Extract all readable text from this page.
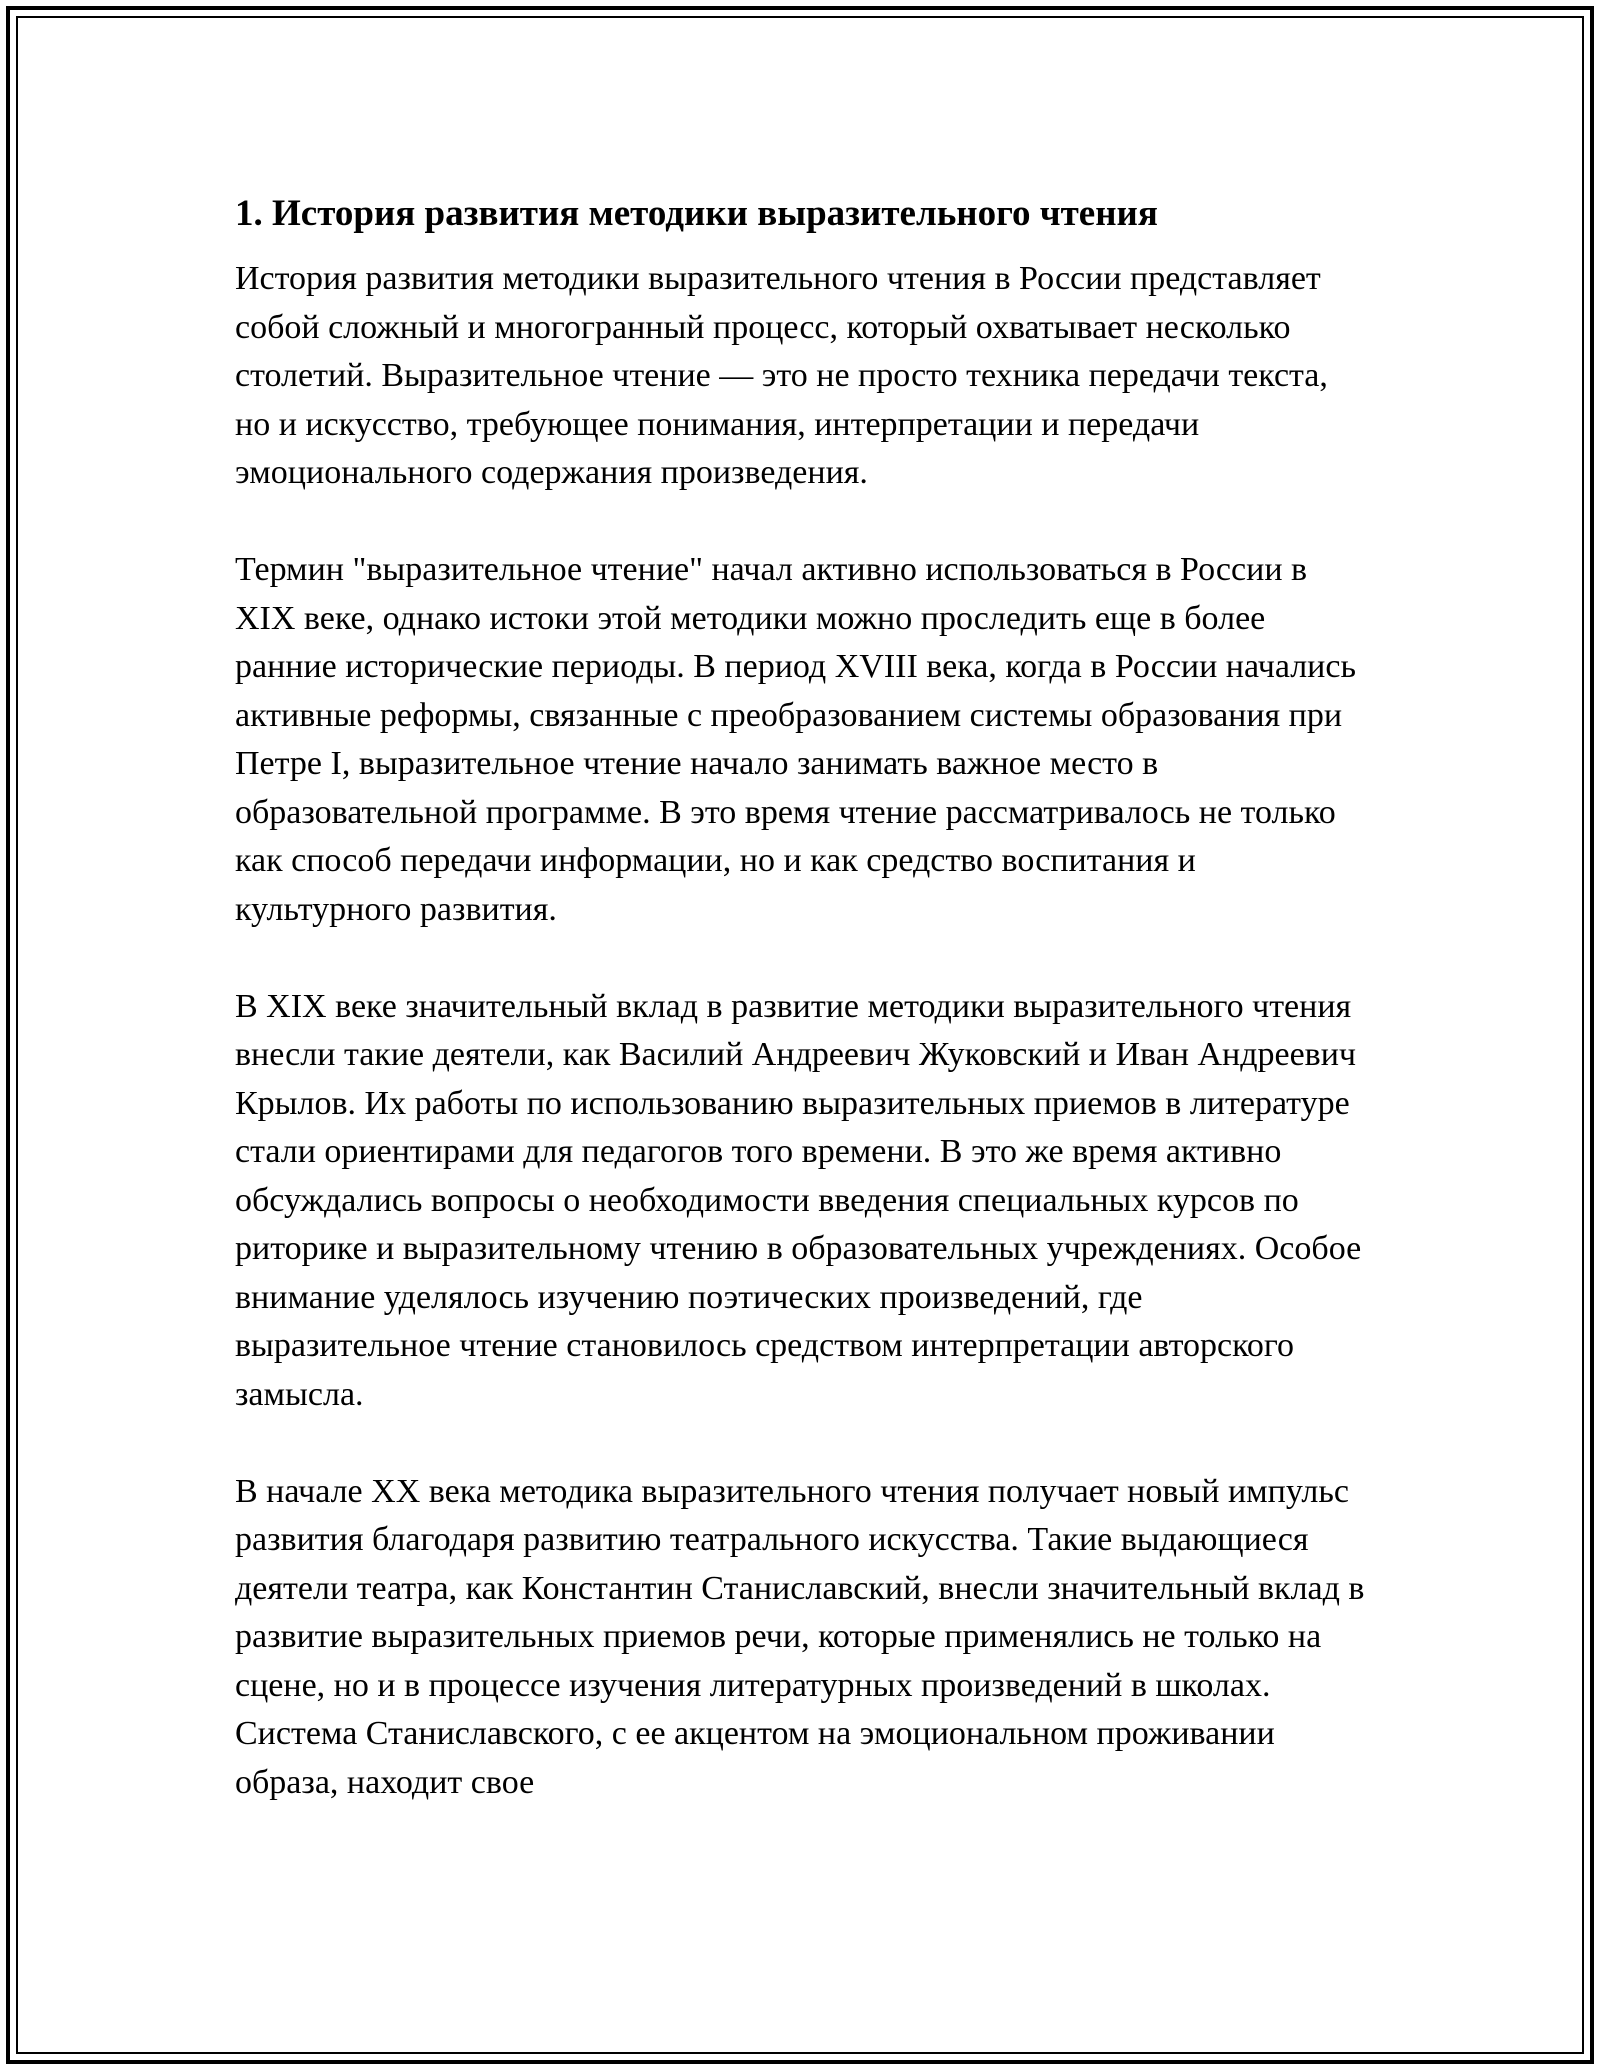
1. История развития методики выразительного чтения

История развития методики выразительного чтения в России представляет собой сложный и многогранный процесс, который охватывает несколько столетий. Выразительное чтение — это не просто техника передачи текста, но и искусство, требующее понимания, интерпретации и передачи эмоционального содержания произведения.

Термин "выразительное чтение" начал активно использоваться в России в XIX веке, однако истоки этой методики можно проследить еще в более ранние исторические периоды. В период XVIII века, когда в России начались активные реформы, связанные с преобразованием системы образования при Петре I, выразительное чтение начало занимать важное место в образовательной программе. В это время чтение рассматривалось не только как способ передачи информации, но и как средство воспитания и культурного развития.

В XIX веке значительный вклад в развитие методики выразительного чтения внесли такие деятели, как Василий Андреевич Жуковский и Иван Андреевич Крылов. Их работы по использованию выразительных приемов в литературе стали ориентирами для педагогов того времени. В это же время активно обсуждались вопросы о необходимости введения специальных курсов по риторике и выразительному чтению в образовательных учреждениях. Особое внимание уделялось изучению поэтических произведений, где выразительное чтение становилось средством интерпретации авторского замысла.

В начале XX века методика выразительного чтения получает новый импульс развития благодаря развитию театрального искусства. Такие выдающиеся деятели театра, как Константин Станиславский, внесли значительный вклад в развитие выразительных приемов речи, которые применялись не только на сцене, но и в процессе изучения литературных произведений в школах. Система Станиславского, с ее акцентом на эмоциональном проживании образа, находит свое
